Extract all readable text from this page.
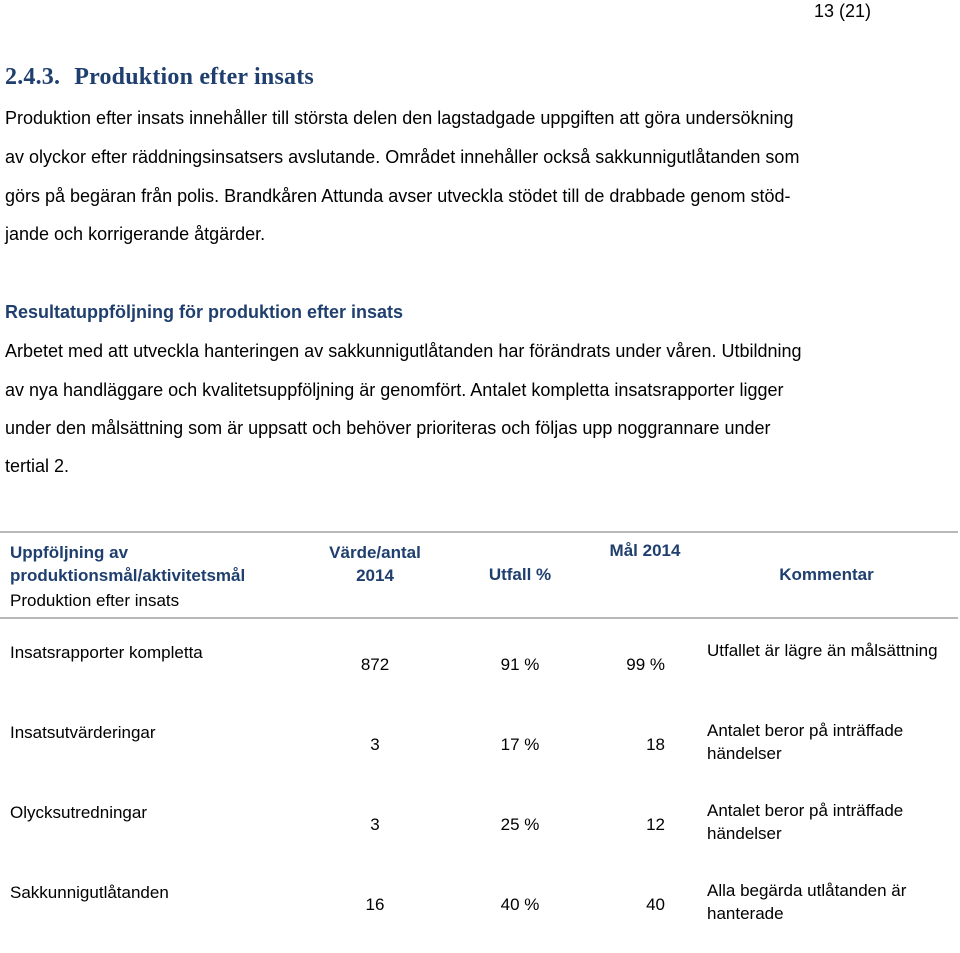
13 (21)
2.4.3. Produktion efter insats
Produktion efter insats innehåller till största delen den lagstadgade uppgiften att göra undersökning
av olyckor efter räddningsinsatsers avslutande. Området innehåller också sakkunnigutlåtanden som
görs på begäran från polis. Brandkåren Attunda avser utveckla stödet till de drabbade genom stöd-
jande och korrigerande åtgärder.
Resultatuppföljning för produktion efter insats
Arbetet med att utveckla hanteringen av sakkunnigutlåtanden har förändrats under våren. Utbildning
av nya handläggare och kvalitetsuppföljning är genomfört. Antalet kompletta insatsrapporter ligger
under den målsättning som är uppsatt och behöver prioriteras och följas upp noggrannare under
tertial 2.
Uppföljning av produktionsmål/aktivitetsmål
Produktion efter insats	Värde/antal 2014	Utfall %	Mål 2014	Kommentar

Insatsrapporter kompletta	872	91 %	99 %	Utfallet är lägre än målsättning
Insatsutvärderingar	3	17 %	18	Antalet beror på inträffade händelser
Olycksutredningar	3	25 %	12	Antalet beror på inträffade händelser
Sakkunnigutlåtanden	16	40 %	40	Alla begärda utlåtanden är hanterade
